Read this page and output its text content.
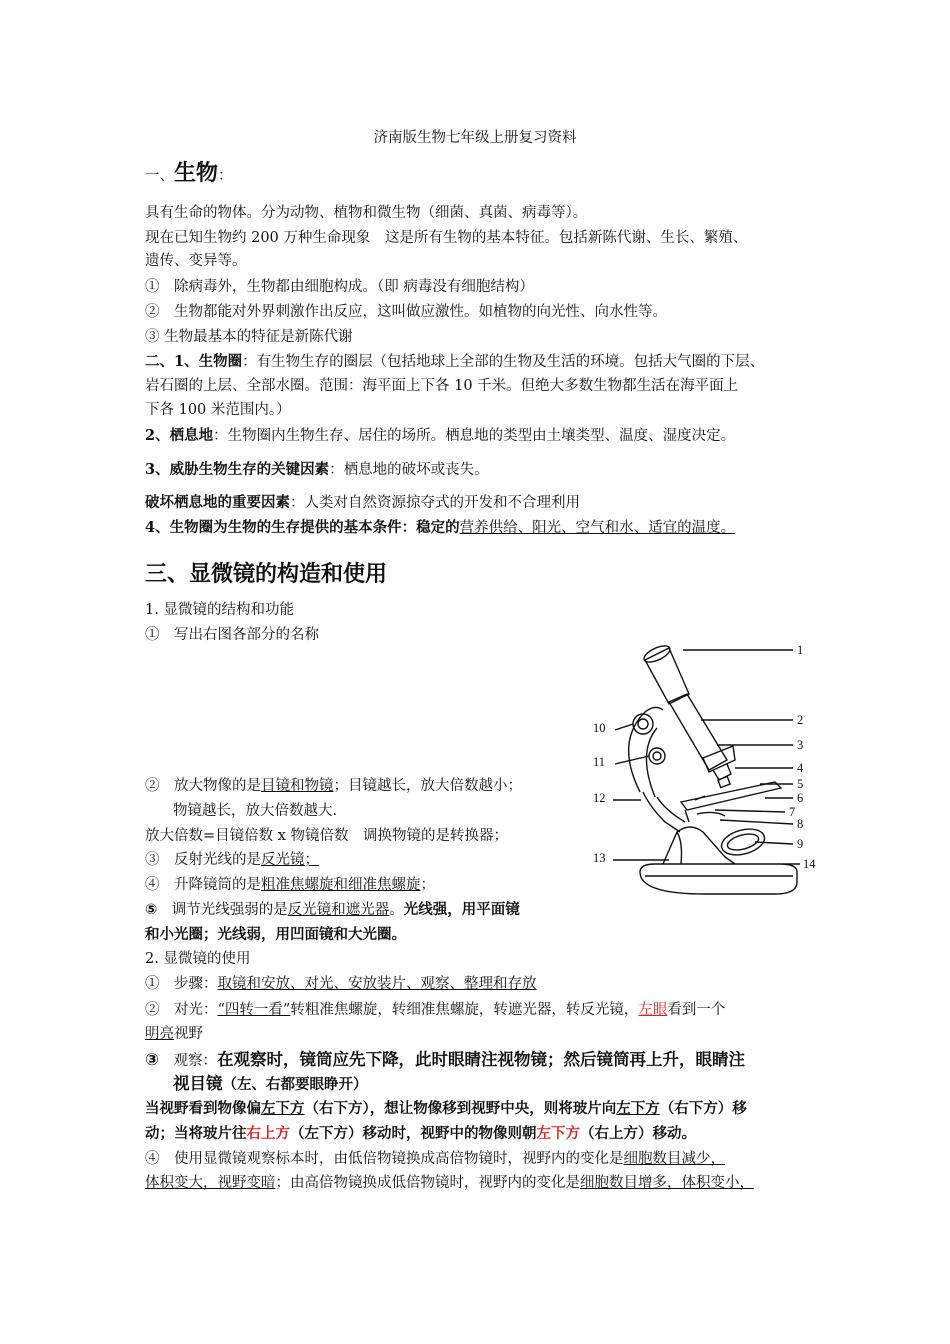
济南版生物七年级上册复习资料
一、生物：
具有生命的物体。分为动物、植物和微生物（细菌、真菌、病毒等）。
现在已知生物约 200 万种生命现象　这是所有生物的基本特征。包括新陈代谢、生长、繁殖、
遗传、变异等。
①　除病毒外，生物都由细胞构成。（即 病毒没有细胞结构）
②　生物都能对外界刺激作出反应，这叫做应激性。如植物的向光性、向水性等。
③ 生物最基本的特征是新陈代谢
二、1、生物圈：有生物生存的圈层（包括地球上全部的生物及生活的环境。包括大气圈的下层、
岩石圈的上层、全部水圈。范围：海平面上下各 10 千米。但绝大多数生物都生活在海平面上
下各 100 米范围内。）
2、栖息地：生物圈内生物生存、居住的场所。栖息地的类型由土壤类型、温度、湿度决定。
3、威胁生物生存的关键因素：栖息地的破坏或丧失。
破坏栖息地的重要因素：人类对自然资源掠夺式的开发和不合理利用
4、生物圈为生物的生存提供的基本条件：稳定的营养供给、阳光、空气和水、适宜的温度。
三、显微镜的构造和使用
1. 显微镜的结构和功能
①　写出右图各部分的名称
②　放大物像的是目镜和物镜；目镜越长，放大倍数越小；
物镜越长，放大倍数越大.
放大倍数=目镜倍数 x 物镜倍数　调换物镜的是转换器；
③　反射光线的是反光镜；
④　升降镜筒的是粗准焦螺旋和细准焦螺旋；
⑤　调节光线强弱的是反光镜和遮光器。光线强，用平面镜
和小光圈；光线弱，用凹面镜和大光圈。
2. 显微镜的使用
①　步骤：取镜和安放、对光、安放装片、观察、整理和存放
②　对光：“四转一看”转粗准焦螺旋，转细准焦螺旋，转遮光器，转反光镜，左眼看到一个
明亮视野
③　观察：在观察时，镜筒应先下降，此时眼睛注视物镜；然后镜筒再上升，眼睛注
视目镜（左、右都要眼睁开）
当视野看到物像偏左下方（右下方），想让物像移到视野中央，则将玻片向左下方（右下方）移
动；当将玻片往右上方（左下方）移动时，视野中的物像则朝左下方（右上方）移动。
④　使用显微镜观察标本时，由低倍物镜换成高倍物镜时，视野内的变化是细胞数目减少，
体积变大，视野变暗；由高倍物镜换成低倍物镜时，视野内的变化是细胞数目增多，体积变小，
1
2
3
4
5
6
7
8
9
10
11
12
13	14
